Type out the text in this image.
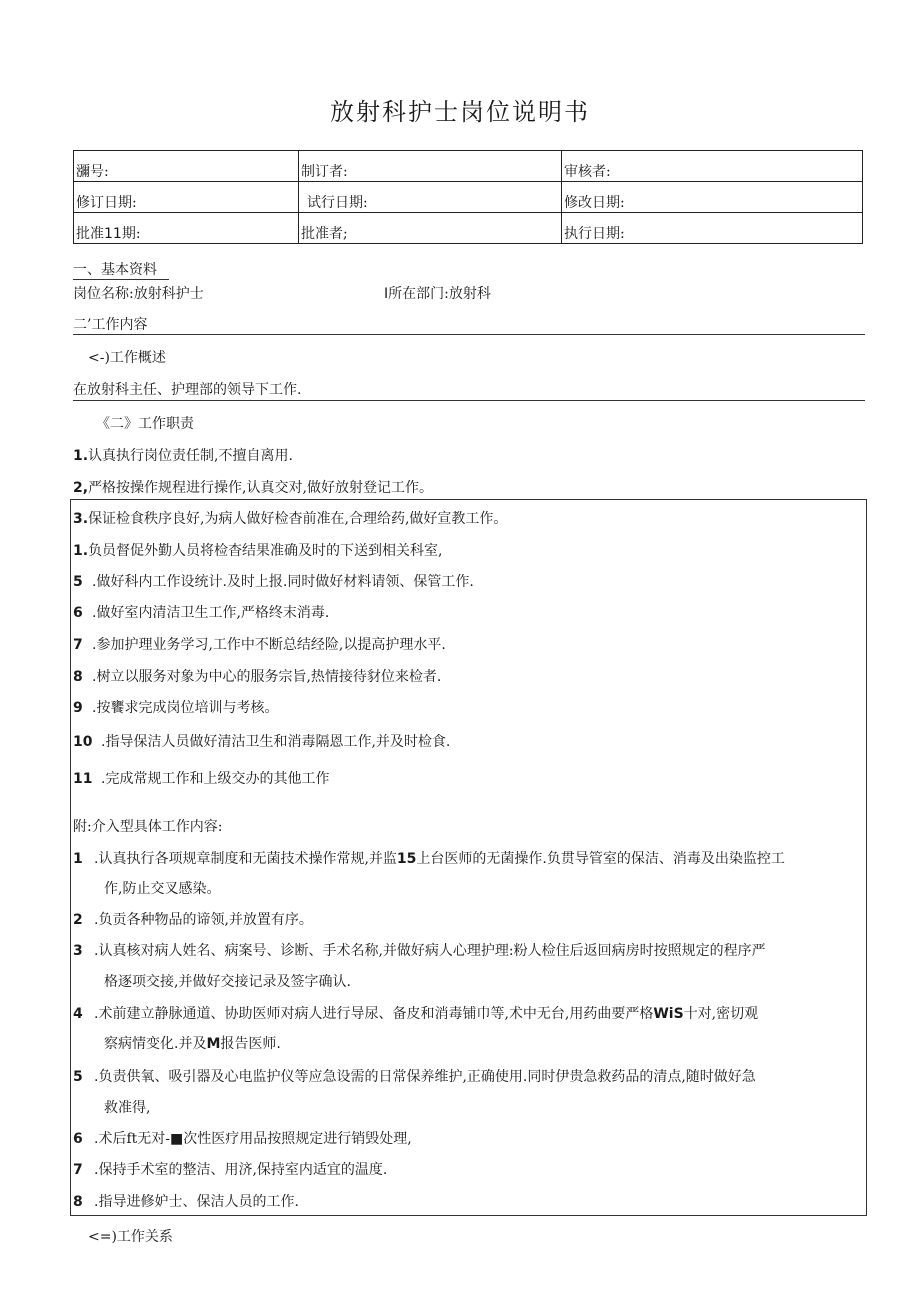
放射科护士岗位说明书
瀰号:	制订者:	审核者:
修订日期:	试行日期:	修改日期:
批准11期:	批准者;	执行日期:
一、基本资料
岗位名称:放射科护士	I所在部门:放射科
二’工作内容
<-)工作概述
在放射科主任、护理部的领导下工作.
《二》工作职责
1.认真执行岗位责任制,不擅自离用.
2,严格按操作规程进行操作,认真交对,做好放射登记工作。
3.保证检食秩序良好,为病人做好检杳前准在,合理给药,做好宣教工作。
1.负员督促外勤人员将检杳结果准确及时的下送到相关科室,
5 .做好科内工作设统计.及时上报.同时做好材料请领、保管工作.
6 .做好室内清洁卫生工作,严格终末消毒.
7 .参加护理业务学习,工作中不断总结经险,以提高护理水平.
8 .树立以服务对象为中心的服务宗旨,热情接待豺位来检者.
9 .按饔求完成岗位培训与考核。
10 .指导保洁人员做好清沽卫生和消毒隔恩工作,并及时检食.
11 .完成常规工作和上级交办的其他工作
附:介入型具体工作内容:
1 .认真执行各项规章制度和无菌技术操作常规,并监15上台医师的无菌操作.负贯导管室的保洁、消毒及出染监控工
作,防止交叉感染。
2 .负贡各种物品的谛领,并放置有序。
3 .认真核对病人姓名、病案号、诊断、手术名称,并做好病人心理护理:粉人检住后返回病房时按照规定的程序严
格逐项交接,并做好交接记录及签字确认.
4 .术前建立静脉通道、协助医师对病人进行导尿、备皮和消毒铺巾等,术中无台,用药曲要严格WiS十对,密切观
察病情变化.并及M报告医师.
5 .负责供氧、吸引器及心电监护仪等应急设需的日常保养维护,正确使用.同时伊贵急救药品的清点,随时做好急
救准得,
6 .术后ft无对-■次性医疗用品按照规定进行销毁处理,
7 .保持手术室的整洁、用济,保持室内适宜的温度.
8 .指导进修妒士、保洁人员的工作.
<=)工作关系
